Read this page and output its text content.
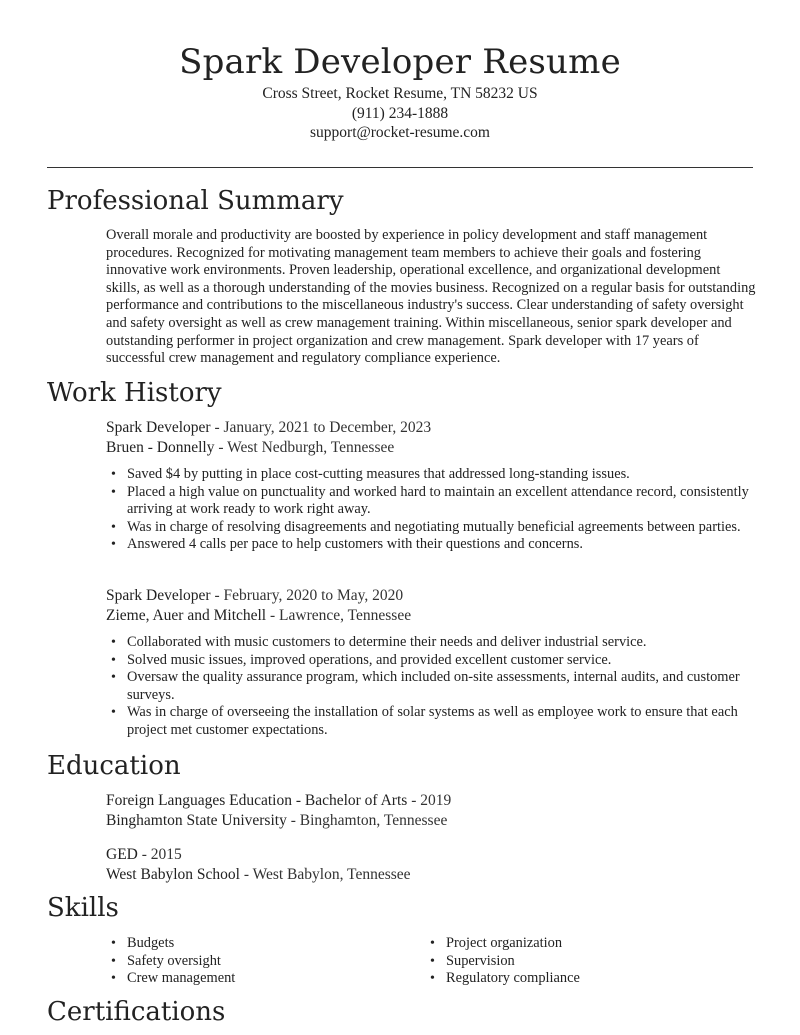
Spark Developer Resume
Cross Street, Rocket Resume, TN 58232 US
(911) 234-1888
support@rocket-resume.com
Professional Summary

Overall morale and productivity are boosted by experience in policy development and staff management procedures. Recognized for motivating management team members to achieve their goals and fostering innovative work environments. Proven leadership, operational excellence, and organizational development skills, as well as a thorough understanding of the movies business. Recognized on a regular basis for outstanding performance and contributions to the miscellaneous industry's success. Clear understanding of safety oversight and safety oversight as well as crew management training. Within miscellaneous, senior spark developer and outstanding performer in project organization and crew management. Spark developer with 17 years of successful crew management and regulatory compliance experience.

Work History
Spark Developer - January, 2021 to December, 2023
Bruen - Donnelly - West Nedburgh, Tennessee
• Saved $4 by putting in place cost-cutting measures that addressed long-standing issues.
• Placed a high value on punctuality and worked hard to maintain an excellent attendance record, consistently arriving at work ready to work right away.
• Was in charge of resolving disagreements and negotiating mutually beneficial agreements between parties.
• Answered 4 calls per pace to help customers with their questions and concerns.
Spark Developer - February, 2020 to May, 2020
Zieme, Auer and Mitchell - Lawrence, Tennessee
• Collaborated with music customers to determine their needs and deliver industrial service.
• Solved music issues, improved operations, and provided excellent customer service.
• Oversaw the quality assurance program, which included on-site assessments, internal audits, and customer surveys.
• Was in charge of overseeing the installation of solar systems as well as employee work to ensure that each project met customer expectations.
Education
Foreign Languages Education - Bachelor of Arts - 2019
Binghamton State University - Binghamton, Tennessee
GED - 2015
West Babylon School - West Babylon, Tennessee
Skills
• Budgets
• Safety oversight
• Crew management
• Project organization
• Supervision
• Regulatory compliance
Certifications
